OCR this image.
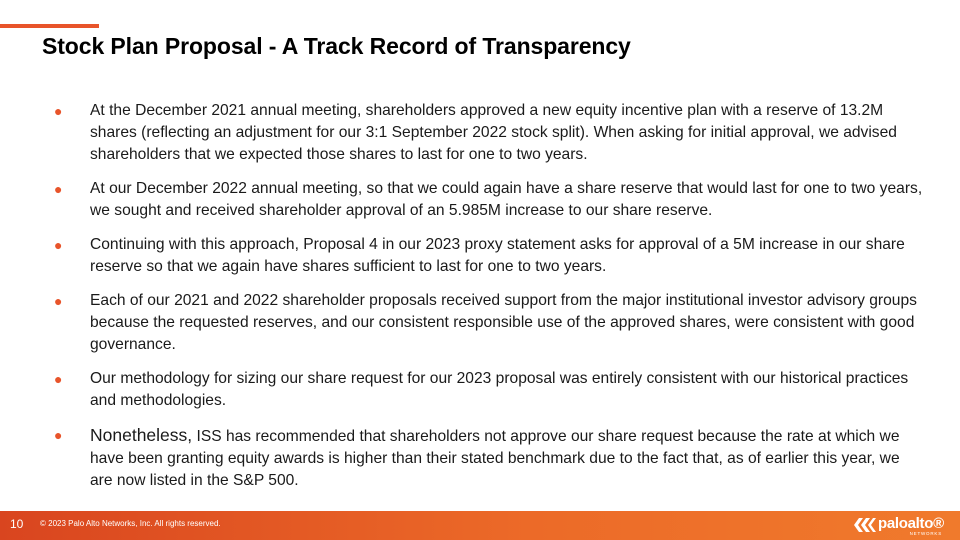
Stock Plan Proposal - A Track Record of Transparency
●	At the December 2021 annual meeting, shareholders approved a new equity incentive plan with a reserve of 13.2M shares (reflecting an adjustment for our 3:1 September 2022 stock split). When asking for initial approval, we advised shareholders that we expected those shares to last for one to two years.
●	At our December 2022 annual meeting, so that we could again have a share reserve that would last for one to two years, we sought and received shareholder approval of an 5.985M increase to our share reserve.
●	Continuing with this approach, Proposal 4 in our 2023 proxy statement asks for approval of a 5M increase in our share reserve so that we again have shares sufficient to last for one to two years.
●	Each of our 2021 and 2022 shareholder proposals received support from the major institutional investor advisory groups because the requested reserves, and our consistent responsible use of the approved shares, were consistent with good governance.
●	Our methodology for sizing our share request for our 2023 proposal was entirely consistent with our historical practices and methodologies.
●	Nonetheless, ISS has recommended that shareholders not approve our share request because the rate at which we have been granting equity awards is higher than their stated benchmark due to the fact that, as of earlier this year, we are now listed in the S&P 500.
10 © 2023 Palo Alto Networks, Inc. All rights reserved.	paloalto®
NETWORKS
